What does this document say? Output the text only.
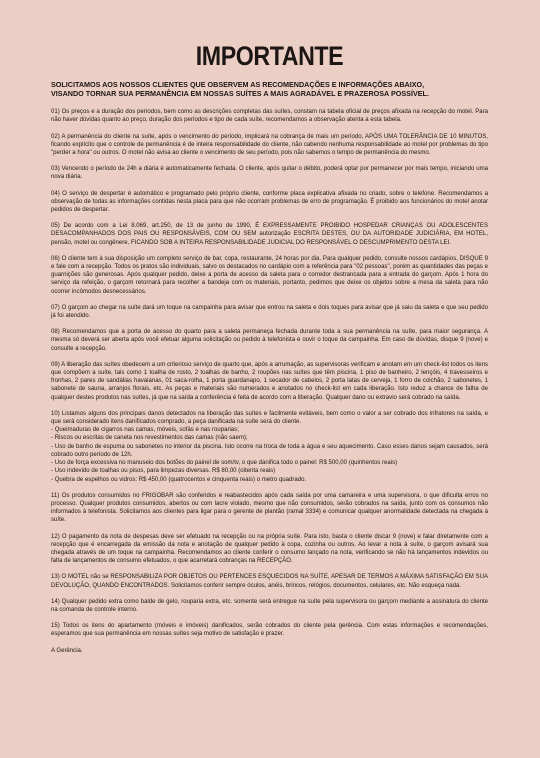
IMPORTANTE

SOLICITAMOS AOS NOSSOS CLIENTES QUE OBSERVEM AS RECOMENDAÇÕES E INFORMAÇÕES ABAIXO,
VISANDO TORNAR SUA PERMANÊNCIA EM NOSSAS SUÍTES A MAIS AGRADÁVEL E PRAZEROSA POSSÍVEL.

01) Os preços e a duração dos períodos, bem como as descrições completas das suítes, constam na tabela oficial de preços afixada na recepção do motel. Para não haver dúvidas quanto ao preço, duração dos períodos e tipo de cada suíte, recomendamos a observação atenta a esta tabela.

02) A permanência do cliente na suíte, após o vencimento do período, implicará na cobrança de mais um período, APÓS UMA TOLERÂNCIA DE 10 MINUTOS, ficando explícito que o controle de permanência é de inteira responsabilidade do cliente, não cabendo nenhuma responsabilidade ao motel por problemas do tipo "perder a hora" ou outros. O motel não avisa ao cliente o vencimento de seu período, pois não sabemos o tempo de permanência do mesmo.

03) Vencendo o período de 24h a diária é automaticamente fechada. O cliente, após quitar o débito, poderá optar por permanecer por mais tempo, iniciando uma nova diária.

04) O serviço de despertar é automático e programado pelo próprio cliente, conforme placa explicativa afixada no criado, sobre o telefone. Recomendamos a observação de todas as informações contidas nesta placa para que não ocorram problemas de erro de programação. É proibido aos funcionários do motel anotar pedidos de despertar.

05) De acordo com a Lei 8.069, art.250, de 13 de junho de 1990, É EXPRESSAMENTE PROIBIDO HOSPEDAR CRIANÇAS OU ADOLESCENTES DESACOMPANHADOS DOS PAIS OU RESPONSÁVEIS, COM OU SEM autorização ESCRITA DESTES, OU DA AUTORIDADE JUDICIÁRIA, EM HOTEL, pensão, motel ou congênere, FICANDO SOB A INTEIRA RESPONSABILIDADE JUDICIAL DO RESPONSÁVEL O DESCUMPRIMENTO DESTA LEI.

06) O cliente tem à sua disposição um completo serviço de bar, copa, restaurante, 24 horas por dia. Para qualquer pedido, consulte nossos cardápios, DISQUE 9 e fale com a recepção. Todos os pratos são individuais, salvo os destacados no cardápio com a referência para "02 pessoas", porém as quantidades das peças e guarnições são generosas. Após qualquer pedido, deixe a porta de acesso da saleta para o corredor destrancada para a entrada do garçom. Após 1 hora do serviço da refeição, o garçom retornará para recolher a bandeja com os materiais, portanto, pedimos que deixe os objetos sobre a mesa da saleta para não ocorrer incômodos desnecessários.

07) O garçom ao chegar na suíte dará um toque na campainha para avisar que entrou na saleta e dois toques para avisar que já saiu da saleta e que seu pedido já foi atendido.

08) Recomendamos que a porta de acesso do quarto para a saleta permaneça fechada durante toda a sua permanência na suíte, para maior segurança. A mesma só deverá ser aberta após você efetuar alguma solicitação ou pedido à telefonista e ouvir o toque da campainha. Em caso de dúvidas, disque 9 (nove) e consulte a recepção.

09) A liberação das suítes obedecem a um criterioso serviço de quarto que, após a arrumação, as supervisoras verificam e anotam em um check-list todos os itens que compõem a suíte, tais como 1 toalha de rosto, 2 toalhas de banho, 2 roupões nas suítes que têm piscina, 1 piso de banheiro, 2 lençóis, 4 travesseiros e fronhas, 2 pares de sandálias havaianas, 01 saca-rolha, 1 porta guardanapo, 1 secador de cabelos, 2 porta latas de cerveja, 1 forro de colchão, 2 sabonetes, 1 sabonete de sauna, arranjos florais, etc. As peças e materiais são numerados e anotados no check-list em cada liberação. Isto reduz a chance de falha de qualquer destes produtos nas suítes, já que na saída a conferência é feita de acordo com a liberação. Qualquer dano ou extravio será cobrado na saída.

10) Listamos alguns dos principais danos detectados na liberação das suítes e facilmente evitáveis, bem como o valor a ser cobrado dos infratores na saída, e que será considerado itens danificados comprado, a peça danificada na suíte será do cliente.
- Queimaduras de cigarros nas camas, móveis, sofás e nas rouparias;
- Riscos ou escritas de caneta nos revestimentos das camas (não saem);
- Uso de banho de espuma ou sabonetes no interior da piscina. Isto ocorre na troca de toda a água e seu aquecimento. Caso esses danos sejam causados, será cobrado outro período de 12h.
- Uso de força excessiva no manuseio dos botões do painel de som/tv, o que danifica todo o painel: R$ 500,00 (quinhentos reais)
- Uso indevido de toalhas ou pisos, para limpezas diversas. R$ 80,00 (oitenta reais)
- Quebra de espelhos ou vidros: R$ 450,00 (quatrocentos e cinquenta reais) o metro quadrado.

11) Os produtos consumidos no FRIGOBAR são conferidos e reabastecidos após cada saída por uma camareira e uma supervisora, o que dificulta erros no processo. Qualquer produtos consumidos, abertos ou com lacre violado, mesmo que não consumidos, serão cobrados na saída, junto com os consumos não informados à telefonista. Solicitamos aos clientes para ligar para o gerente de plantão (ramal 3334) e comunicar qualquer anormalidade detectada na chegada à suíte.

12) O pagamento da nota de despesas deve ser efetuado na recepção ou na própria suíte. Para isto, basta o cliente discar 9 (nove) e falar diretamente com a recepção que é encarregada da emissão da nota e anotação de qualquer pedido à copa, cozinha ou outros. Ao levar a nota à suíte, o garçom avisará sua chegada através de um toque na campainha. Recomendamos ao cliente conferir o consumo lançado na nota, verificando se não há lançamentos indevidos ou falta de lançamentos de consumo efetuados, o que acarretará cobranças na RECEPÇÃO.

13) O MOTEL não se RESPONSABILIZA POR OBJETOS OU PERTENCES ESQUECIDOS NA SUÍTE, APESAR DE TERMOS A MÁXIMA SATISFAÇÃO EM SUA DEVOLUÇÃO, QUANDO ENCONTRADOS. Solicitamos conferir sempre óculos, anéis, brincos, relógios, documentos, celulares, etc. Não esqueça nada.

14) Qualquer pedido extra como balde de gelo, rouparia extra, etc. somente será entregue na suíte pela supervisora ou garçom mediante a assinatura do cliente na comanda de controle interno.

15) Todos os itens do apartamento (móveis e imóveis) danificados, serão cobrados do cliente pela gerência. Com estas informações e recomendações, esperamos que sua permanência em nossas suítes seja motivo de satisfação e prazer.

A Gerência.
